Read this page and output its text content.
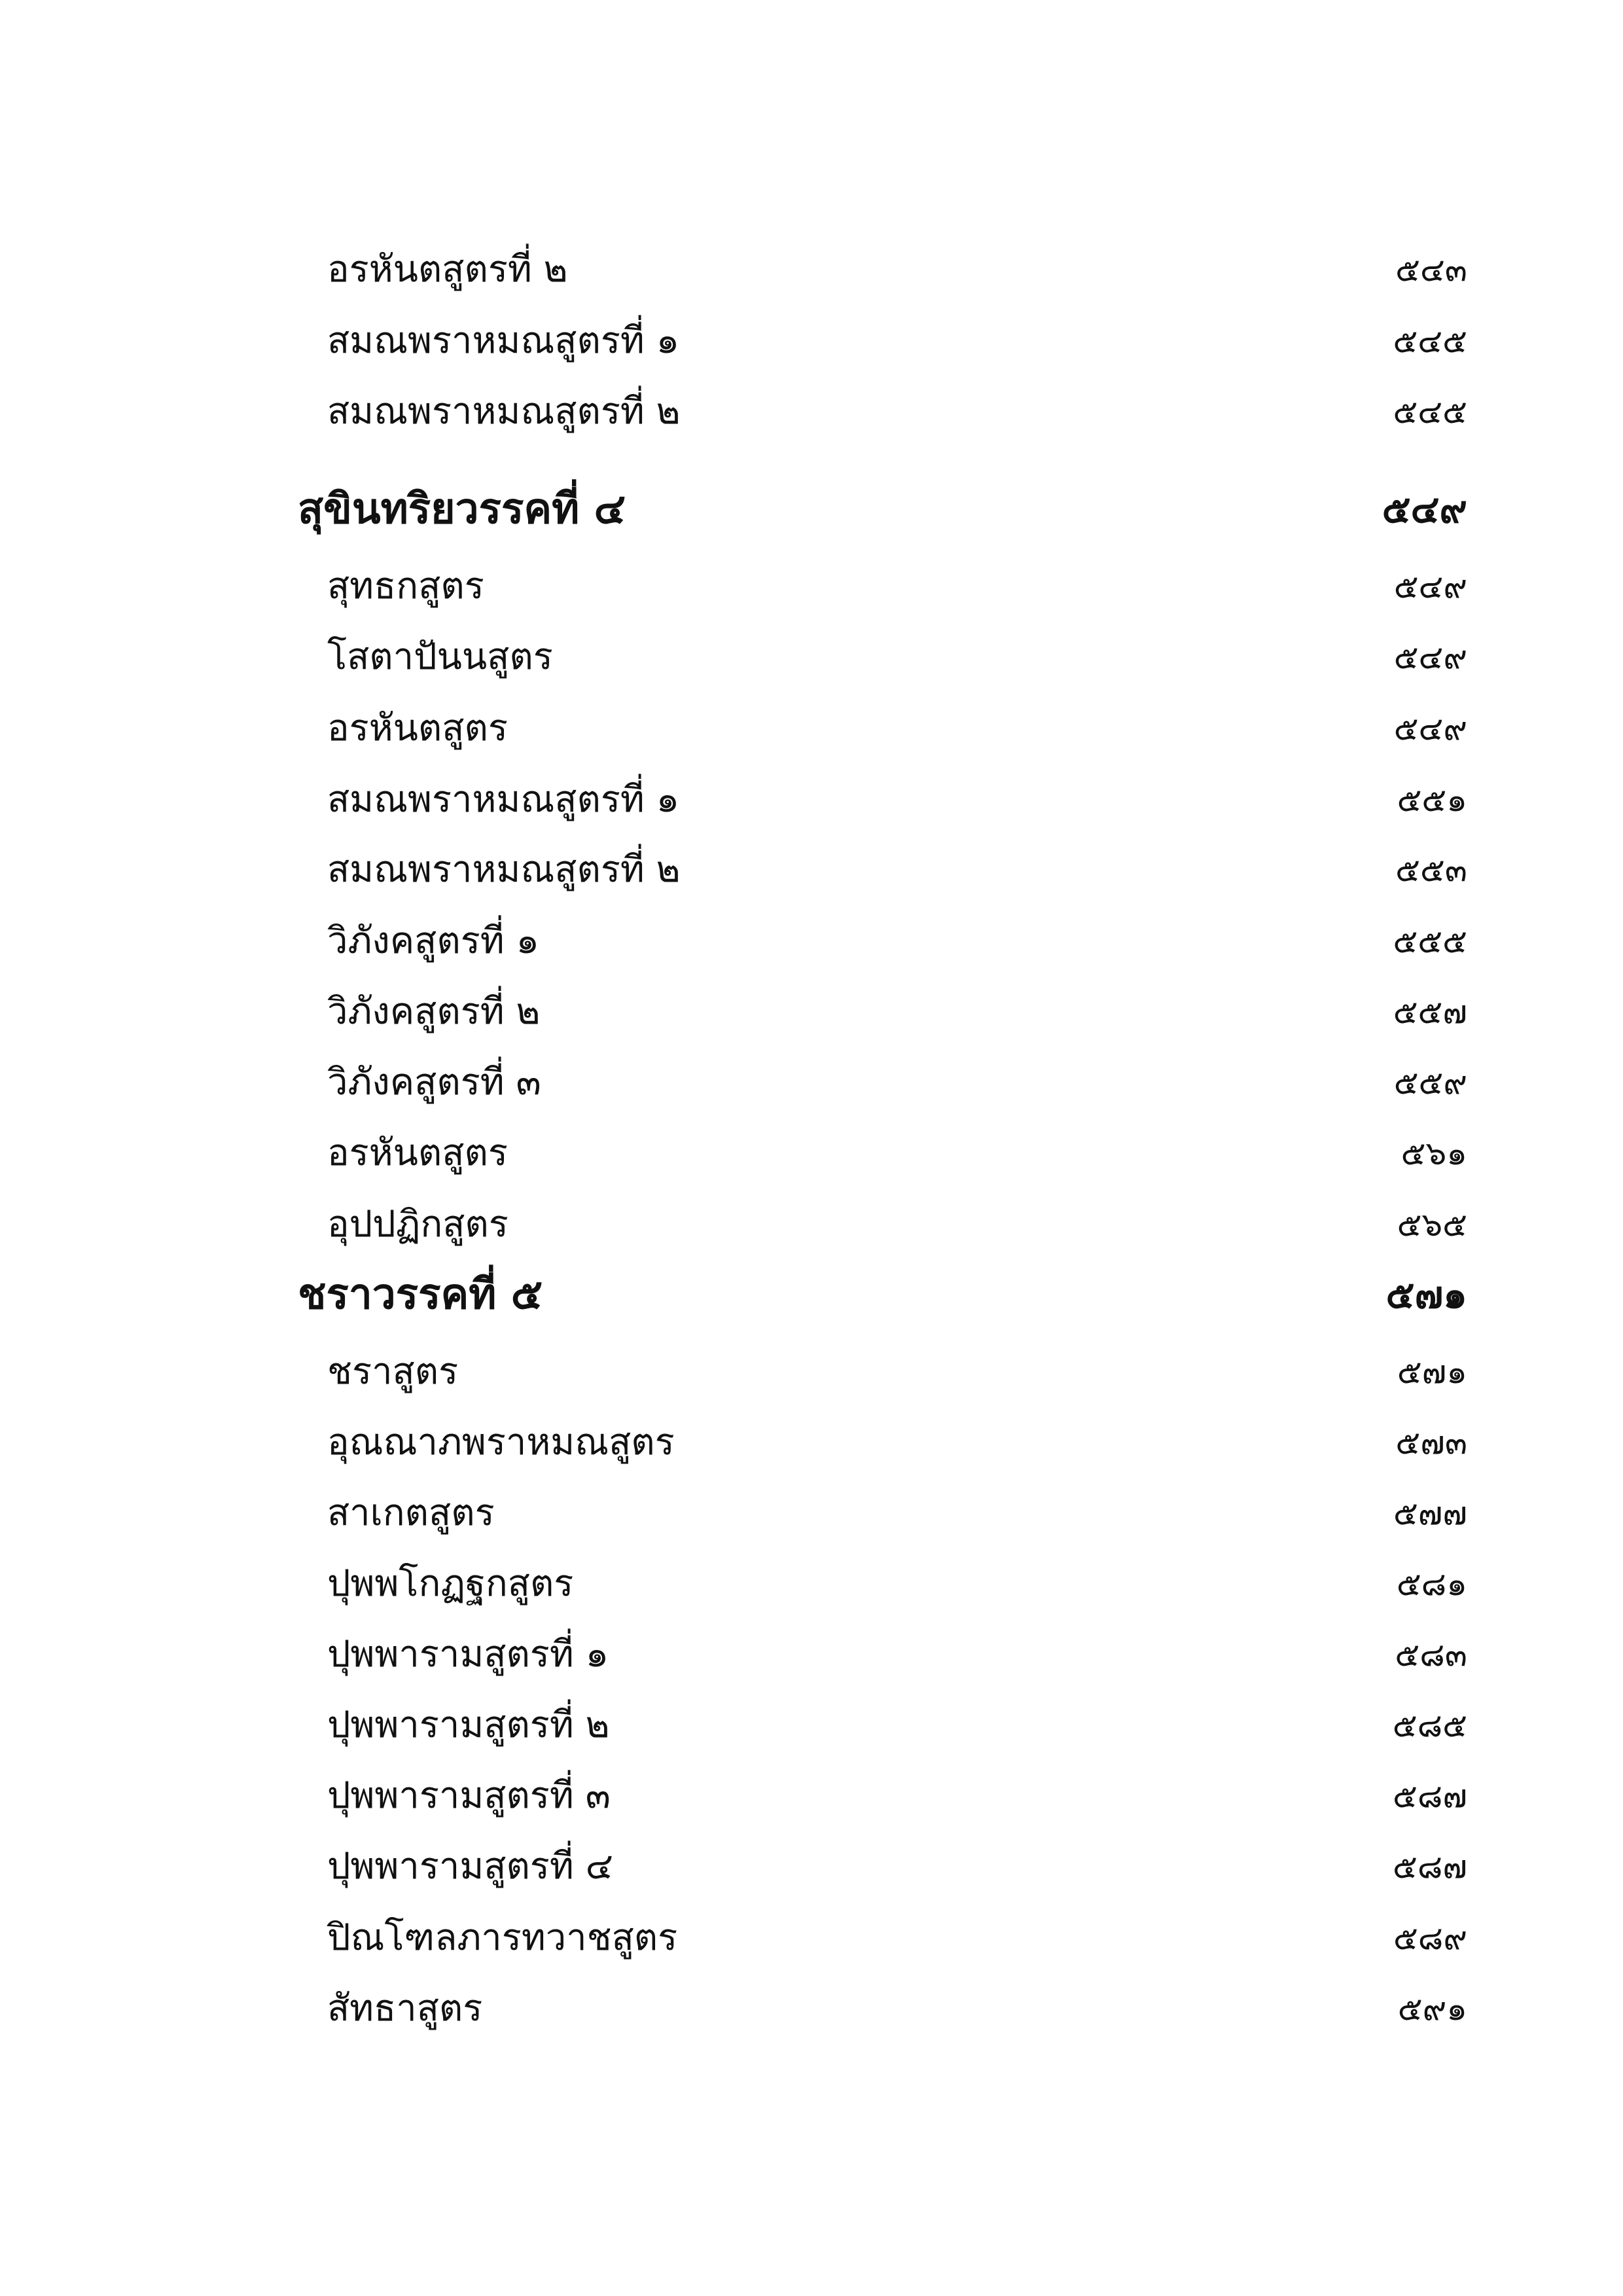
อรหันตสูตรที่ ๒	๕๔๓
สมณพราหมณสูตรที่ ๑	๕๔๕
สมณพราหมณสูตรที่ ๒	๕๔๕
สุขินทริยวรรคที่ ๔	๕๔๙
สุทธกสูตร	๕๔๙
โสตาปันนสูตร	๕๔๙
อรหันตสูตร	๕๔๙
สมณพราหมณสูตรที่ ๑	๕๕๑
สมณพราหมณสูตรที่ ๒	๕๕๓
วิภังคสูตรที่ ๑	๕๕๕
วิภังคสูตรที่ ๒	๕๕๗
วิภังคสูตรที่ ๓	๕๕๙
อรหันตสูตร	๕๖๑
อุปปฏิกสูตร	๕๖๕
ชราวรรคที่ ๕	๕๗๑
ชราสูตร	๕๗๑
อุณณาภพราหมณสูตร	๕๗๓
สาเกตสูตร	๕๗๗
ปุพพโกฏฐกสูตร	๕๘๑
ปุพพารามสูตรที่ ๑	๕๘๓
ปุพพารามสูตรที่ ๒	๕๘๕
ปุพพารามสูตรที่ ๓	๕๘๗
ปุพพารามสูตรที่ ๔	๕๘๗
ปิณโฑลภารทวาชสูตร	๕๘๙
สัทธาสูตร	๕๙๑
